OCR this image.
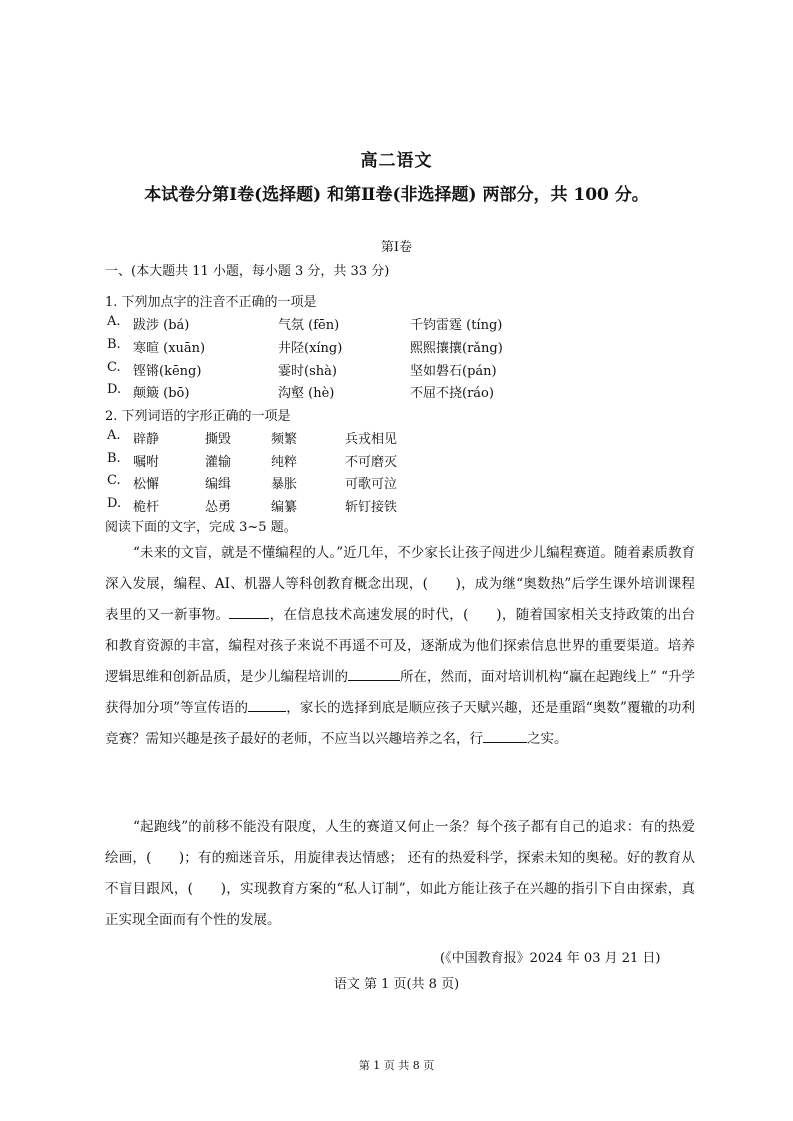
高二语文
本试卷分第Ⅰ卷(选择题) 和第Ⅱ卷(非选择题) 两部分，共 100 分。
第Ⅰ卷
一、(本大题共 11 小题，每小题 3 分，共 33 分)
1. 下列加点字的注音不正确的一项是
A. 跋涉 (bá)	气氛 (fēn)	千钧雷霆 (tíng)
B. 寒暄 (xuān)	井陉(xíng)	熙熙攘攘(rǎng)
C. 铿锵(kēng)	霎时(shà)	坚如磐石(pán)
D. 颠簸 (bō)	沟壑 (hè)	不屈不挠(ráo)
2. 下列词语的字形正确的一项是
A. 辟静	撕毁	频繁	兵戎相见
B. 嘱咐	灌输	纯粹	不可磨灭
C. 松懈	编缉	暴胀	可歌可泣
D. 桅杆	怂勇	编纂	斩钉接铁
阅读下面的文字，完成 3~5 题。

“未来的文盲，就是不懂编程的人。”近几年，不少家长让孩子闯进少儿编程赛道。随着素质教育深入发展，编程、AI、机器人等科创教育概念出现，(　　)，成为继“奥数热”后学生课外培训课程表里的又一新事物。	，在信息技术高速发展的时代，(　　)，随着国家相关支持政策的出台和教育资源的丰富，编程对孩子来说不再遥不可及，逐渐成为他们探索信息世界的重要渠道。培养逻辑思维和创新品质，是少儿编程培训的	所在，然而，面对培训机构“赢在起跑线上” “升学获得加分项”等宣传语的	，家长的选择到底是顺应孩子天赋兴趣，还是重蹈“奥数”覆辙的功利竞赛？需知兴趣是孩子最好的老师，不应当以兴趣培养之名，行	之实。

“起跑线”的前移不能没有限度，人生的赛道又何止一条？每个孩子都有自己的追求：有的热爱绘画，(　　)；有的痴迷音乐，用旋律表达情感； 还有的热爱科学，探索未知的奥秘。好的教育从不盲目跟风，(　　)，实现教育方案的“私人订制”，如此方能让孩子在兴趣的指引下自由探索，真正实现全面而有个性的发展。

(《中国教育报》2024 年 03 月 21 日)
语文 第 1 页(共 8 页)
第 1 页 共 8 页
